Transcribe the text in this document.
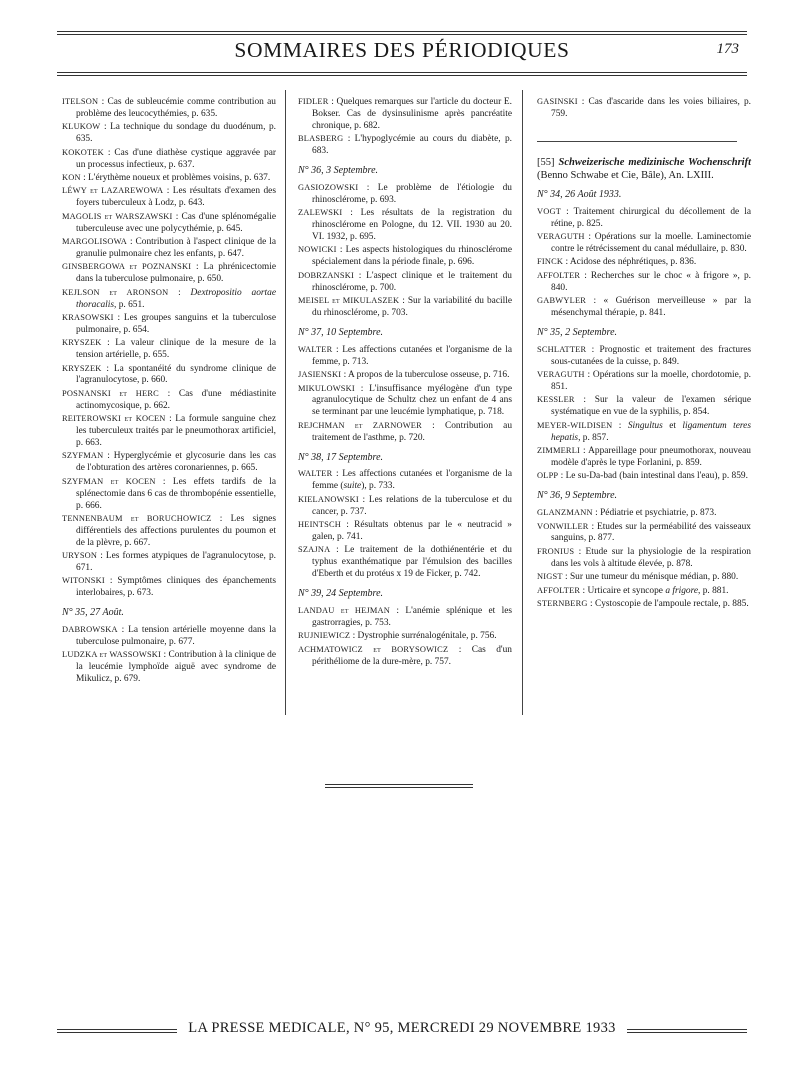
SOMMAIRES DES PÉRIODIQUES	173
ITELSON : Cas de subleucémie comme contribution au problème des leucocythémies, p. 635.
KLUKOW : La technique du sondage du duodénum, p. 635.
KOKOTEK : Cas d'une diathèse cystique aggravée par un processus infectieux, p. 637.
KON : L'érythème noueux et problèmes voisins, p. 637.
LÉWY et LAZAREWOWA : Les résultats d'examen des foyers tuberculeux à Lodz, p. 643.
MAGOLIS et WARSZAWSKI : Cas d'une splénomégalie tuberculeuse avec une polycythémie, p. 645.
MARGOLISOWA : Contribution à l'aspect clinique de la granulie pulmonaire chez les enfants, p. 647.
GINSBERGOWA et POZNANSKI : La phrénicectomie dans la tuberculose pulmonaire, p. 650.
KEJLSON et ARONSON : Dextropositio aortae thoracalis, p. 651.
KRASOWSKI : Les groupes sanguins et la tuberculose pulmonaire, p. 654.
KRYSZEK : La valeur clinique de la mesure de la tension artérielle, p. 655.
KRYSZEK : La spontanéité du syndrome clinique de l'agranulocytose, p. 660.
POSNANSKI et HERC : Cas d'une médiastinite actinomycosique, p. 662.
REITEROWSKI et KOCEN : La formule sanguine chez les tuberculeux traités par le pneumothorax artificiel, p. 663.
SZYFMAN : Hyperglycémie et glycosurie dans les cas de l'obturation des artères coronariennes, p. 665.
SZYFMAN et KOCEN : Les effets tardifs de la splénectomie dans 6 cas de thrombopénie essentielle, p. 666.
TENNENBAUM et BORUCHOWICZ : Les signes différentiels des affections purulentes du poumon et de la plèvre, p. 667.
URYSON : Les formes atypiques de l'agranulocytose, p. 671.
WITONSKI : Symptômes cliniques des épanchements interlobaires, p. 673.
N° 35, 27 Août.
DABROWSKA : La tension artérielle moyenne dans la tuberculose pulmonaire, p. 677.
LUDZKA et WASSOWSKI : Contribution à la clinique de la leucémie lymphoïde aiguë avec syndrome de Mikulicz, p. 679.
FIDLER : Quelques remarques sur l'article du docteur E. Bokser. Cas de dysinsulinisme après pancréatite chronique, p. 682.
BLASBERG : L'hypoglycémie au cours du diabète, p. 683.
N° 36, 3 Septembre.
GASIOZOWSKI : Le problème de l'étiologie du rhinosclérome, p. 693.
ZALEWSKI : Les résultats de la registration du rhinosclérome en Pologne, du 12. VII. 1930 au 20. VI. 1932, p. 695.
NOWICKI : Les aspects histologiques du rhinosclérome spécialement dans la période finale, p. 696.
DOBRZANSKI : L'aspect clinique et le traitement du rhinosclérome, p. 700.
MEISEL et MIKULASZEK : Sur la variabilité du bacille du rhinosclérome, p. 703.
N° 37, 10 Septembre.
WALTER : Les affections cutanées et l'organisme de la femme, p. 713.
JASIENSKI : A propos de la tuberculose osseuse, p. 716.
MIKULOWSKI : L'insuffisance myélogène d'un type agranulocytique de Schultz chez un enfant de 4 ans se terminant par une leucémie lymphatique, p. 718.
REJCHMAN et ZARNOWER : Contribution au traitement de l'asthme, p. 720.
N° 38, 17 Septembre.
WALTER : Les affections cutanées et l'organisme de la femme (suite), p. 733.
KIELANOWSKI : Les relations de la tuberculose et du cancer, p. 737.
HEINTSCH : Résultats obtenus par le « neutracid » galen, p. 741.
SZAJNA : Le traitement de la dothiénentérie et du typhus exanthématique par l'émulsion des bacilles d'Eberth et du protéus x 19 de Ficker, p. 742.
N° 39, 24 Septembre.
LANDAU et HEJMAN : L'anémie splénique et les gastrorragies, p. 753.
RUJNIEWICZ : Dystrophie surrénalogénitale, p. 756.
ACHMATOWICZ et BORYSOWICZ : Cas d'un périthéliome de la dure-mère, p. 757.
GASINSKI : Cas d'ascaride dans les voies biliaires, p. 759.
[55] Schweizerische medizinische Wochenschrift (Benno Schwabe et Cie, Bâle), An. LXIII.
N° 34, 26 Août 1933.
VOGT : Traitement chirurgical du décollement de la rétine, p. 825.
VERAGUTH : Opérations sur la moelle. Laminectomie contre le rétrécissement du canal médullaire, p. 830.
FINCK : Acidose des néphrétiques, p. 836.
AFFOLTER : Recherches sur le choc « à frigore », p. 840.
GABWYLER : « Guérison merveilleuse » par la mésenchymal thérapie, p. 841.
N° 35, 2 Septembre.
SCHLATTER : Prognostic et traitement des fractures sous-cutanées de la cuisse, p. 849.
VERAGUTH : Opérations sur la moelle, chordotomie, p. 851.
KESSLER : Sur la valeur de l'examen sérique systématique en vue de la syphilis, p. 854.
MEYER-WILDISEN : Singultus et ligamentum teres hepatis, p. 857.
ZIMMERLI : Appareillage pour pneumothorax, nouveau modèle d'après le type Forlanini, p. 859.
OLPP : Le su-Da-bad (bain intestinal dans l'eau), p. 859.
N° 36, 9 Septembre.
GLANZMANN : Pédiatrie et psychiatrie, p. 873.
VONWILLER : Etudes sur la perméabilité des vaisseaux sanguins, p. 877.
FRONIUS : Etude sur la physiologie de la respiration dans les vols à altitude élevée, p. 878.
NIGST : Sur une tumeur du ménisque médian, p. 880.
AFFOLTER : Urticaire et syncope a frigore, p. 881.
STERNBERG : Cystoscopie de l'ampoule rectale, p. 885.
LA PRESSE MEDICALE, N° 95, MERCREDI 29 NOVEMBRE 1933
